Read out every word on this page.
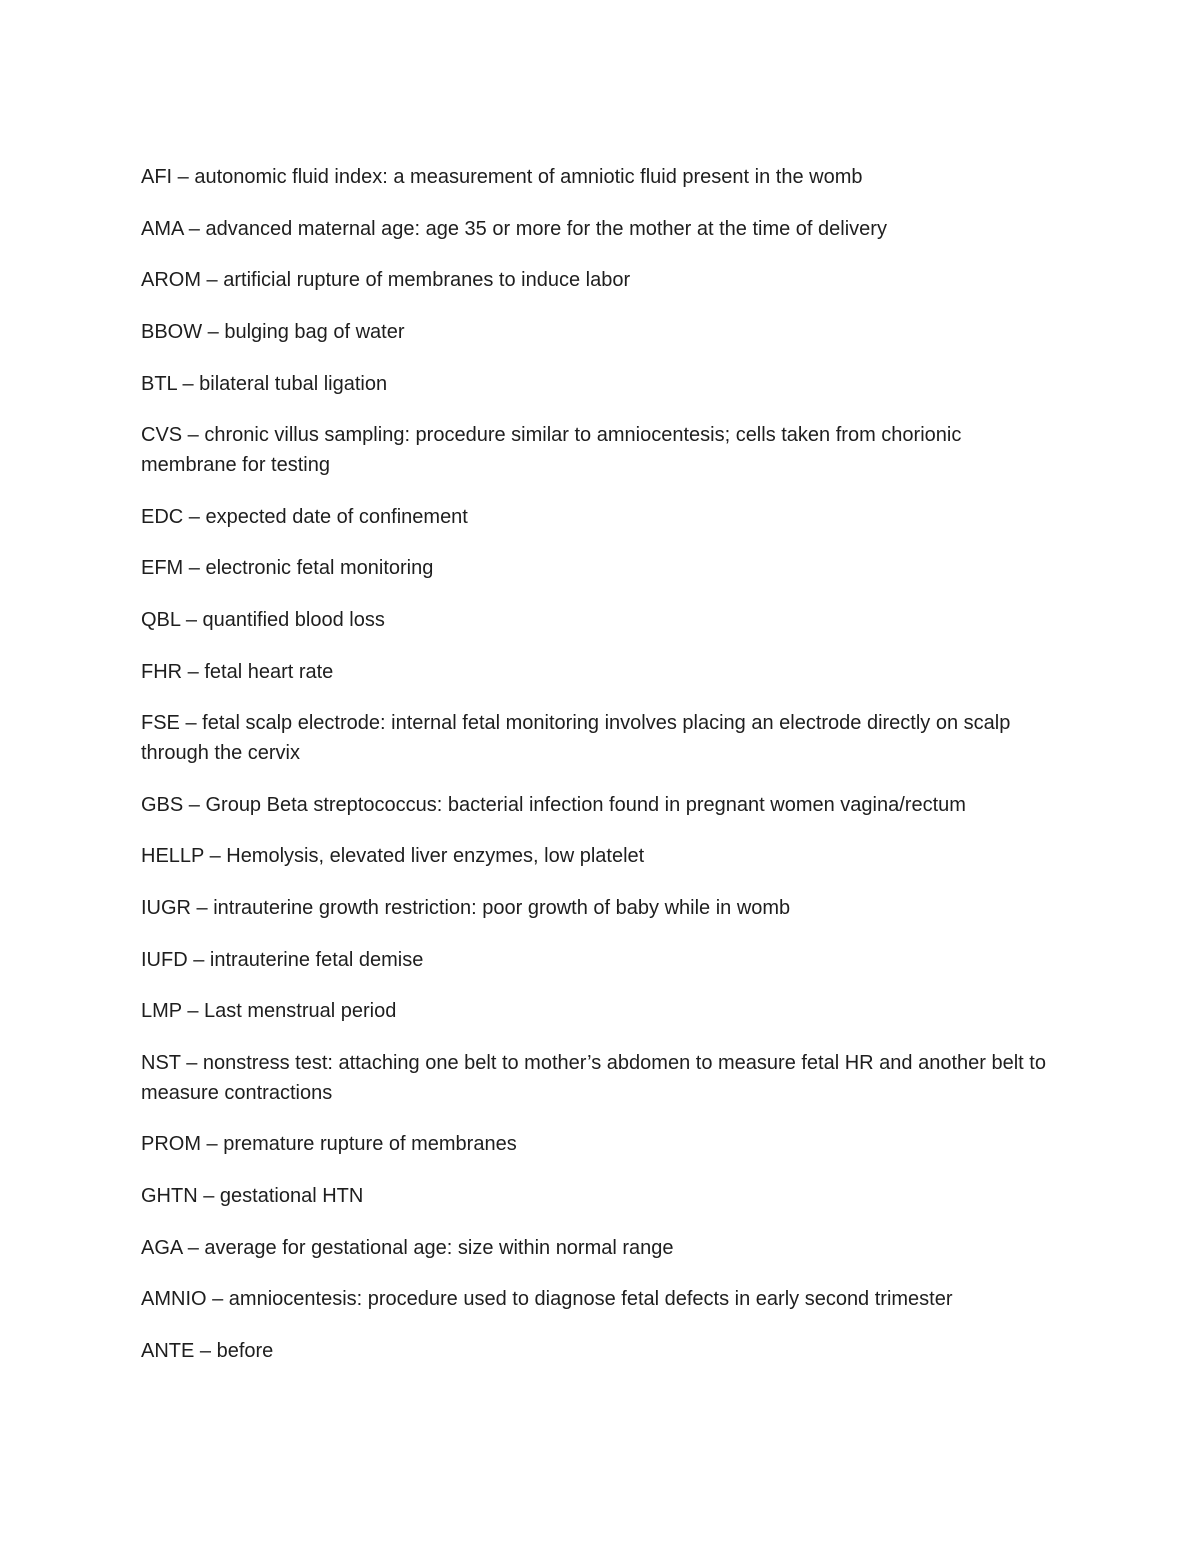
AFI – autonomic fluid index: a measurement of amniotic fluid present in the womb

AMA – advanced maternal age: age 35 or more for the mother at the time of delivery

AROM – artificial rupture of membranes to induce labor

BBOW – bulging bag of water

BTL – bilateral tubal ligation

CVS – chronic villus sampling: procedure similar to amniocentesis; cells taken from chorionic membrane for testing

EDC – expected date of confinement

EFM – electronic fetal monitoring

QBL – quantified blood loss

FHR – fetal heart rate

FSE – fetal scalp electrode: internal fetal monitoring involves placing an electrode directly on scalp through the cervix

GBS – Group Beta streptococcus: bacterial infection found in pregnant women vagina/rectum

HELLP – Hemolysis, elevated liver enzymes, low platelet

IUGR – intrauterine growth restriction: poor growth of baby while in womb

IUFD – intrauterine fetal demise

LMP – Last menstrual period

NST – nonstress test: attaching one belt to mother’s abdomen to measure fetal HR and another belt to measure contractions

PROM – premature rupture of membranes

GHTN – gestational HTN

AGA – average for gestational age: size within normal range

AMNIO – amniocentesis: procedure used to diagnose fetal defects in early second trimester

ANTE – before
